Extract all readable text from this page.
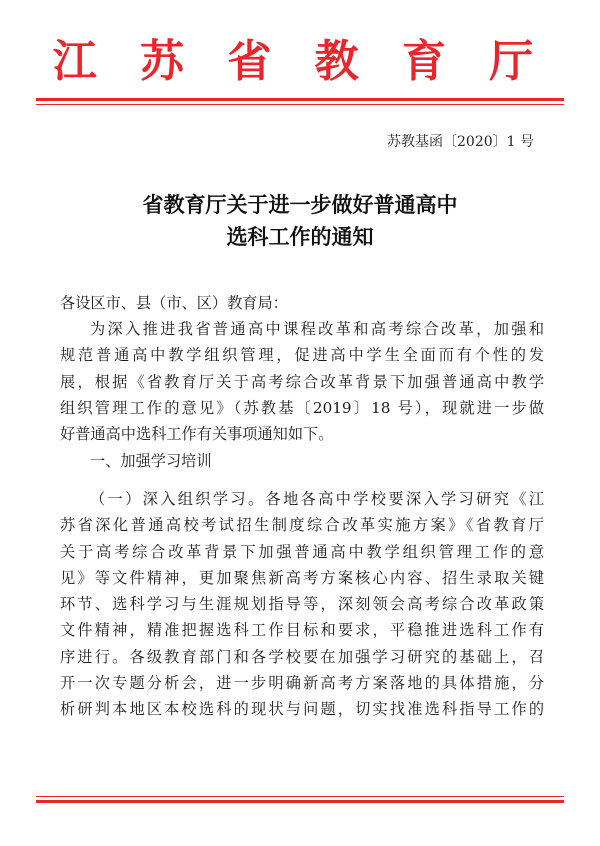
江 苏 省 教 育 厅
苏教基函〔2020〕1 号
省教育厅关于进一步做好普通高中
选科工作的通知
各设区市、县（市、区）教育局：
为深入推进我省普通高中课程改革和高考综合改革，加强和
规范普通高中教学组织管理，促进高中学生全面而有个性的发
展，根据《省教育厅关于高考综合改革背景下加强普通高中教学
组织管理工作的意见》（苏教基〔2019〕18 号），现就进一步做
好普通高中选科工作有关事项通知如下。
一、加强学习培训
（一）深入组织学习。各地各高中学校要深入学习研究《江
苏省深化普通高校考试招生制度综合改革实施方案》《省教育厅
关于高考综合改革背景下加强普通高中教学组织管理工作的意
见》等文件精神，更加聚焦新高考方案核心内容、招生录取关键
环节、选科学习与生涯规划指导等，深刻领会高考综合改革政策
文件精神，精准把握选科工作目标和要求，平稳推进选科工作有
序进行。各级教育部门和各学校要在加强学习研究的基础上，召
开一次专题分析会，进一步明确新高考方案落地的具体措施，分
析研判本地区本校选科的现状与问题，切实找准选科指导工作的
